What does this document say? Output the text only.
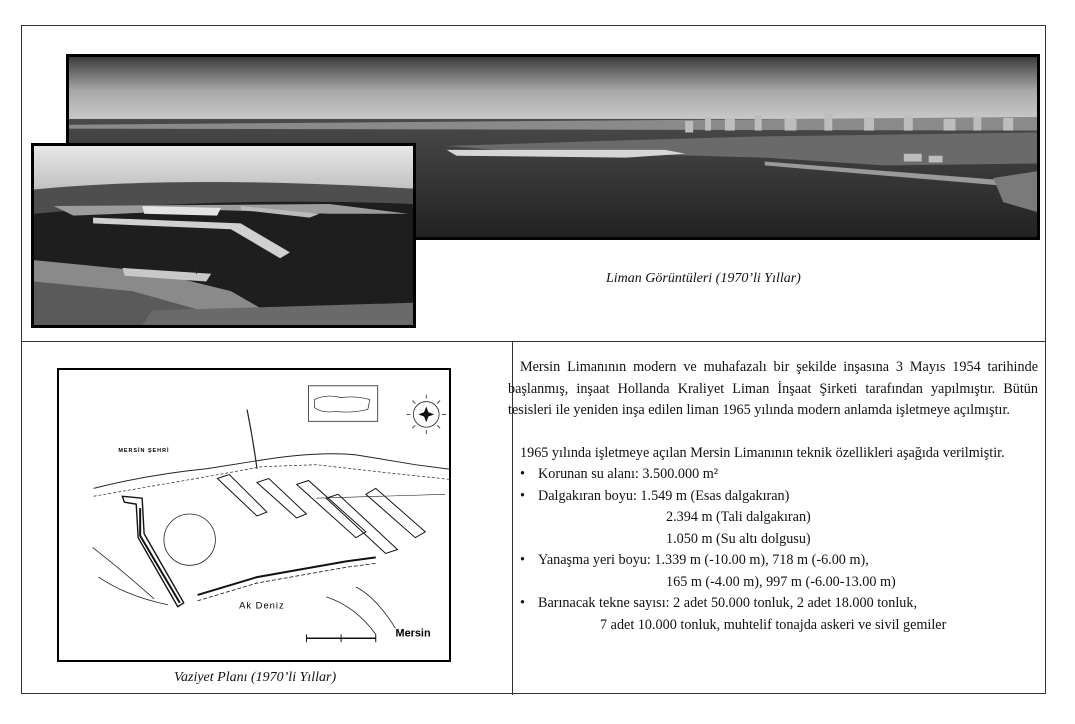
Liman Görüntüleri (1970’li Yıllar)
MERSİN ŞEHRİ
Ak Deniz
Mersin
Vaziyet Planı (1970’li Yıllar)

Mersin Limanının modern ve muhafazalı bir şekilde inşasına 3 Mayıs 1954 tarihinde başlanmış, inşaat Hollanda Kraliyet Liman İnşaat Şirketi tarafından yapılmıştır. Bütün tesisleri ile yeniden inşa edilen liman 1965 yılında modern anlamda işletmeye açılmıştır.

1965 yılında işletmeye açılan Mersin Limanının teknik özellikleri aşağıda verilmiştir.

• Korunan su alanı: 3.500.000 m²
• Dalgakıran boyu: 1.549 m (Esas dalgakıran)
2.394 m (Tali dalgakıran)
1.050 m (Su altı dolgusu)
• Yanaşma yeri boyu: 1.339 m (-10.00 m), 718 m (-6.00 m),
165 m (-4.00 m), 997 m (-6.00-13.00 m)
• Barınacak tekne sayısı: 2 adet 50.000 tonluk, 2 adet 18.000 tonluk,
7 adet 10.000 tonluk, muhtelif tonajda askeri ve sivil gemiler
